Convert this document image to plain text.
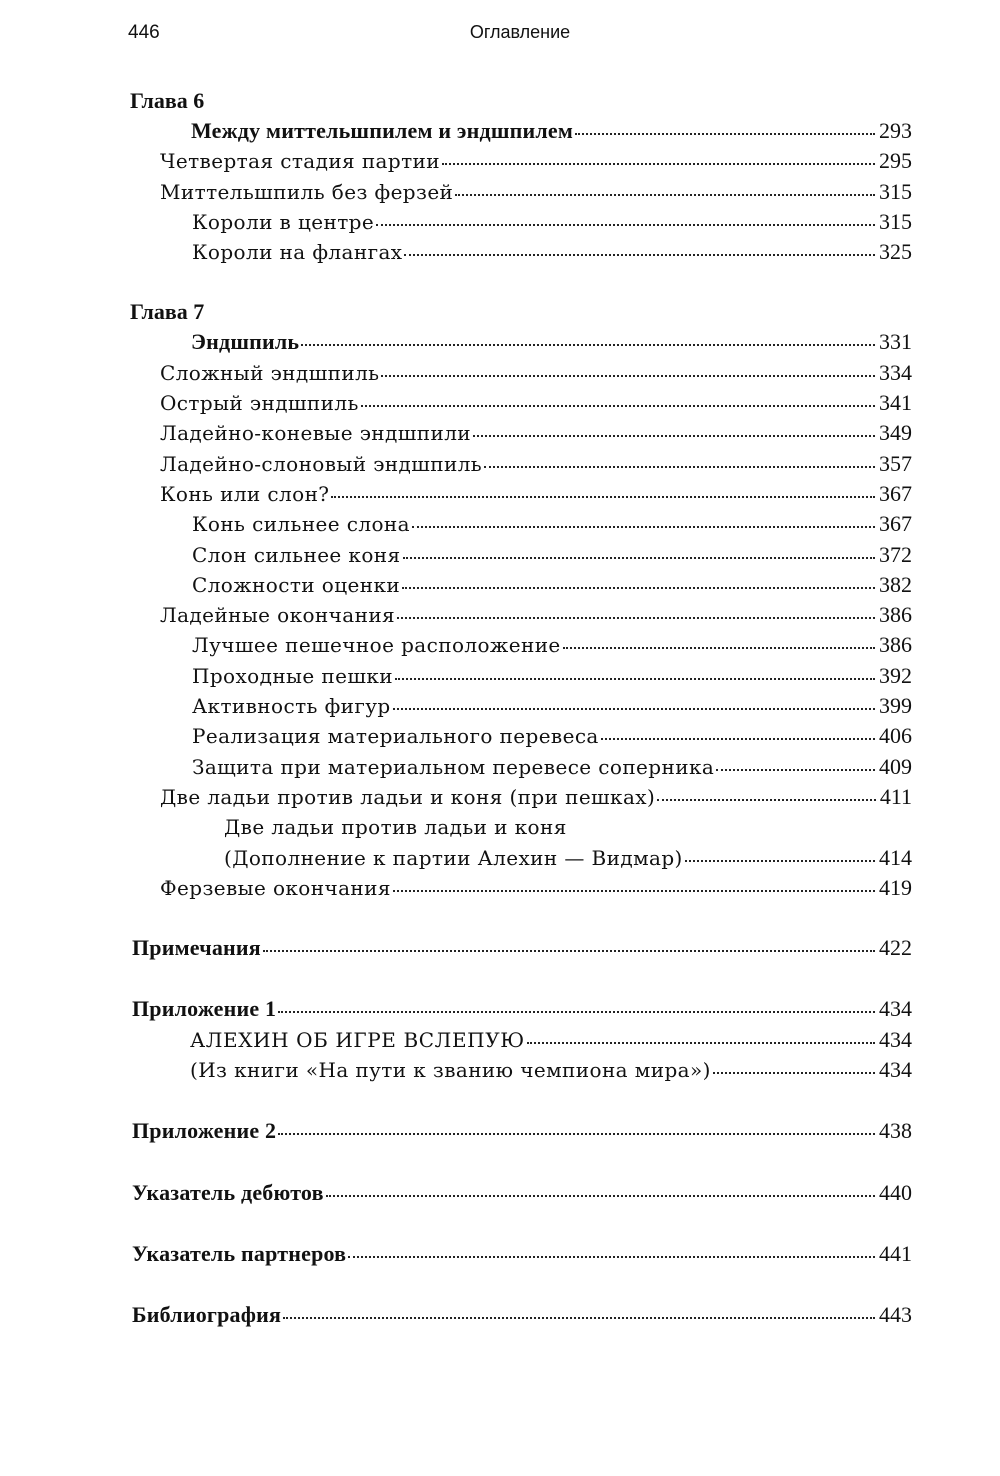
446	Оглавление
Глава 6
Между миттельшпилем и эндшпилем	293
Четвертая стадия партии	295
Миттельшпиль без ферзей	315
Короли в центре	315
Короли на флангах	325
Глава 7
Эндшпиль	331
Сложный эндшпиль	334
Острый эндшпиль	341
Ладейно-коневые эндшпили	349
Ладейно-слоновый эндшпиль	357
Конь или слон?	367
Конь сильнее слона	367
Слон сильнее коня	372
Сложности оценки	382
Ладейные окончания	386
Лучшее пешечное расположение	386
Проходные пешки	392
Активность фигур	399
Реализация материального перевеса	406
Защита при материальном перевесе соперника	409
Две ладьи против ладьи и коня (при пешках)	411
Две ладьи против ладьи и коня
(Дополнение к партии Алехин — Видмар)	414
Ферзевые окончания	419
Примечания	422
Приложение 1	434
АЛЕХИН ОБ ИГРЕ ВСЛЕПУЮ	434
(Из книги «На пути к званию чемпиона мира»)	434
Приложение 2	438
Указатель дебютов	440
Указатель партнеров	441
Библиография	443
